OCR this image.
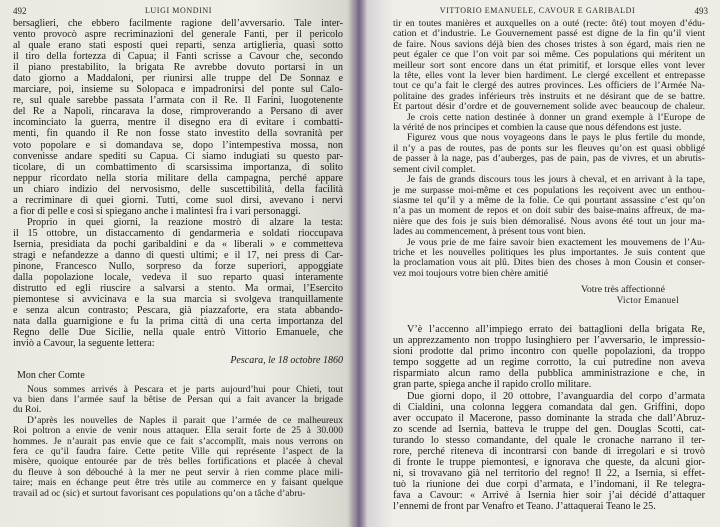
492	LUIGI MONDINI
bersaglieri, che ebbero facilmente ragione dell’avversario. Tale inter-
vento provocò aspre recriminazioni del generale Fanti, per il pericolo
al quale erano stati esposti quei reparti, senza artiglieria, quasi sotto
il tiro della fortezza di Capua; il Fanti scrisse a Cavour che, secondo
il piano prestabilito, la brigata Re avrebbe dovuto portarsi in un
dato giorno a Maddaloni, per riunirsi alle truppe del De Sonnaz e
marciare, poi, insieme su Solopaca e impadronirsi del ponte sul Calo-
re, sul quale sarebbe passata l’armata con il Re. Il Farini, luogotenente
del Re a Napoli, rincarava la dose, rimproverando a Persano di aver
incominciato la guerra, mentre il disegno era di evitare i combatti-
menti, fin quando il Re non fosse stato investito della sovranità per
voto popolare e si domandava se, dopo l’intempestiva mossa, non
convenisse andare spediti su Capua. Ci siamo indugiati su questo par-
ticolare, di un combattimento di scarsissima importanza, di solito
neppur ricordato nella storia militare della campagna, perché appare
un chiaro indizio del nervosismo, delle suscettibilità, della facilità
a recriminare di quei giorni. Tutti, come suol dirsi, avevano i nervi
a fior di pelle e così si spiegano anche i malintesi fra i vari personaggi.
Proprio in quei giorni, la reazione mostrò di alzare la testa:
il 15 ottobre, un distaccamento di gendarmeria e soldati rioccupava
Isernia, presidiata da pochi garibaldini e da « liberali » e commetteva
stragi e nefandezze a danno di questi ultimi; e il 17, nei press di Car-
pinone, Francesco Nullo, sorpreso da forze superiori, appoggiate
dalla popolazione locale, vedeva il suo reparto quasi interamente
distrutto ed egli riuscire a salvarsi a stento. Ma ormai, l’Esercito
piemontese si avvicinava e la sua marcia si svolgeva tranquillamente
e senza alcun contrasto; Pescara, già piazzaforte, era stata abbando-
nata dalla guarnigione e fu la prima città di una certa importanza del
Regno delle Due Sicilie, nella quale entrò Vittorio Emanuele, che
inviò a Cavour, la seguente lettera:
Pescara, le 18 octobre 1860
Mon cher Comte
Nous sommes arrivés à Pescara et je parts aujourd’hui pour Chieti, tout
va bien dans l’armée sauf la bêtise de Persan qui a fait avancer la brigade
du Roi.
D’après les nouvelles de Naples il parait que l’armée de ce malheureux
Roi poltron a envie de venir nous attaquer. Ella serait forte de 25 à 30.000
hommes. Je n’aurait pas envie que ce fait s’accomplît, mais nous verrons on
fera ce qu’il faudra faire. Cette petite Ville qui représente l’aspect de la
misère, quoique entourée par de très belles fortifications et placée à cheval
du fleuve à son débouché à la mer ne peut servir à rien comme place mili-
taire; mais en échange peut être très utile au commerce en y faisant quelque
travail ad oc (sic) et surtout favorisant ces populations qu’on a tâche d’abru-
VITTORIO EMANUELE, CAVOUR E GARIBALDI	493
tir en toutes manières et auxquelles on a outé (recte: ôté) tout moyen d’édu-
cation et d’industrie. Le Gouvernement passé est digne de la fin qu’il vient
de faire. Nous savions déjà bien des choses tristes à son égard, mais rien ne
peut égaler ce que l’on voit par soi même. Ces populations qui méritent un
meilleur sort sont encore dans un état primitif, et lorsque elles vont lever
la tête, elles vont la lever bien hardiment. Le clergé excellent et entrepasse
tout ce qu’a fait le clergé des autres provinces. Les officiers de l’Armée Na-
politaine des grades inférieurs très instruits et ne désirant que de se battre.
Et partout désir d’ordre et de gouvernement solide avec beaucoup de chaleur.
Je crois cette nation destinée à donner un grand exemple à l’Europe de
la vérité de nos principes et combien la cause que nous défendons est juste.
Figurez vous que nous voyageons dans le pays le plus fertile du monde,
il n’y a pas de routes, pas de ponts sur les fleuves qu’on est quasi obbligé
de passer à la nage, pas d’auberges, pas de pain, pas de vivres, et un abrutis-
sement civil complet.
Je fais de grands discours tous les jours à cheval, et en arrivant à la tape,
je me surpasse moi-même et ces populations les reçoivent avec un enthou-
siasme tel qu’il y a même de la folie. Ce qui pourtant assassine c’est qu’on
n’a pas un moment de repos et on doit subir des baise-mains affreux, de ma-
nière que des fois je suis bien démoralisé. Nous avons été tout un jour ma-
lades au commencement, à présent tous vont bien.
Je vous prie de me faire savoir bien exactement les mouvemens de l’Au-
triche et les nouvelles politiques les plus importantes. Je suis content que
la proclamation vous ait plû. Dites bien des choses à mon Cousin et conser-
vez moi toujours votre bien chère amitié
Votre très affectionné
Victor Emanuel
V’è l’accenno all’impiego errato dei battaglioni della brigata Re,
un apprezzamento non troppo lusinghiero per l’avversario, le impressio-
sioni prodotte dal primo incontro con quelle popolazioni, da troppo
tempo soggette ad un regime corrotto, la cui putredine non aveva
risparmiato alcun ramo della pubblica amministrazione e che, in
gran parte, spiega anche il rapido crollo militare.
Due giorni dopo, il 20 ottobre, l’avanguardia del corpo d’armata
di Cialdini, una colonna leggera comandata dal gen. Griffini, dopo
aver occupato il Macerone, passo dominante la strada che dall’Abruz-
zo scende ad Isernia, batteva le truppe del gen. Douglas Scotti, cat-
turando lo stesso comandante, del quale le cronache narrano il ter-
rore, perché riteneva di incontrarsi con bande di irregolari e si trovò
di fronte le truppe piemontesi, e ignorava che queste, da alcuni gior-
ni, si trovavano già nel territorio del regno! Il 22, a Isernia, si effet-
tuò la riunione dei due corpi d’armata, e l’indomani, il Re telegra-
fava a Cavour: « Arrivé à Isernia hier soir j’ai décidé d’attaquer
l’ennemi de front par Venafro et Teano. J’attaquerai Teano le 25.
